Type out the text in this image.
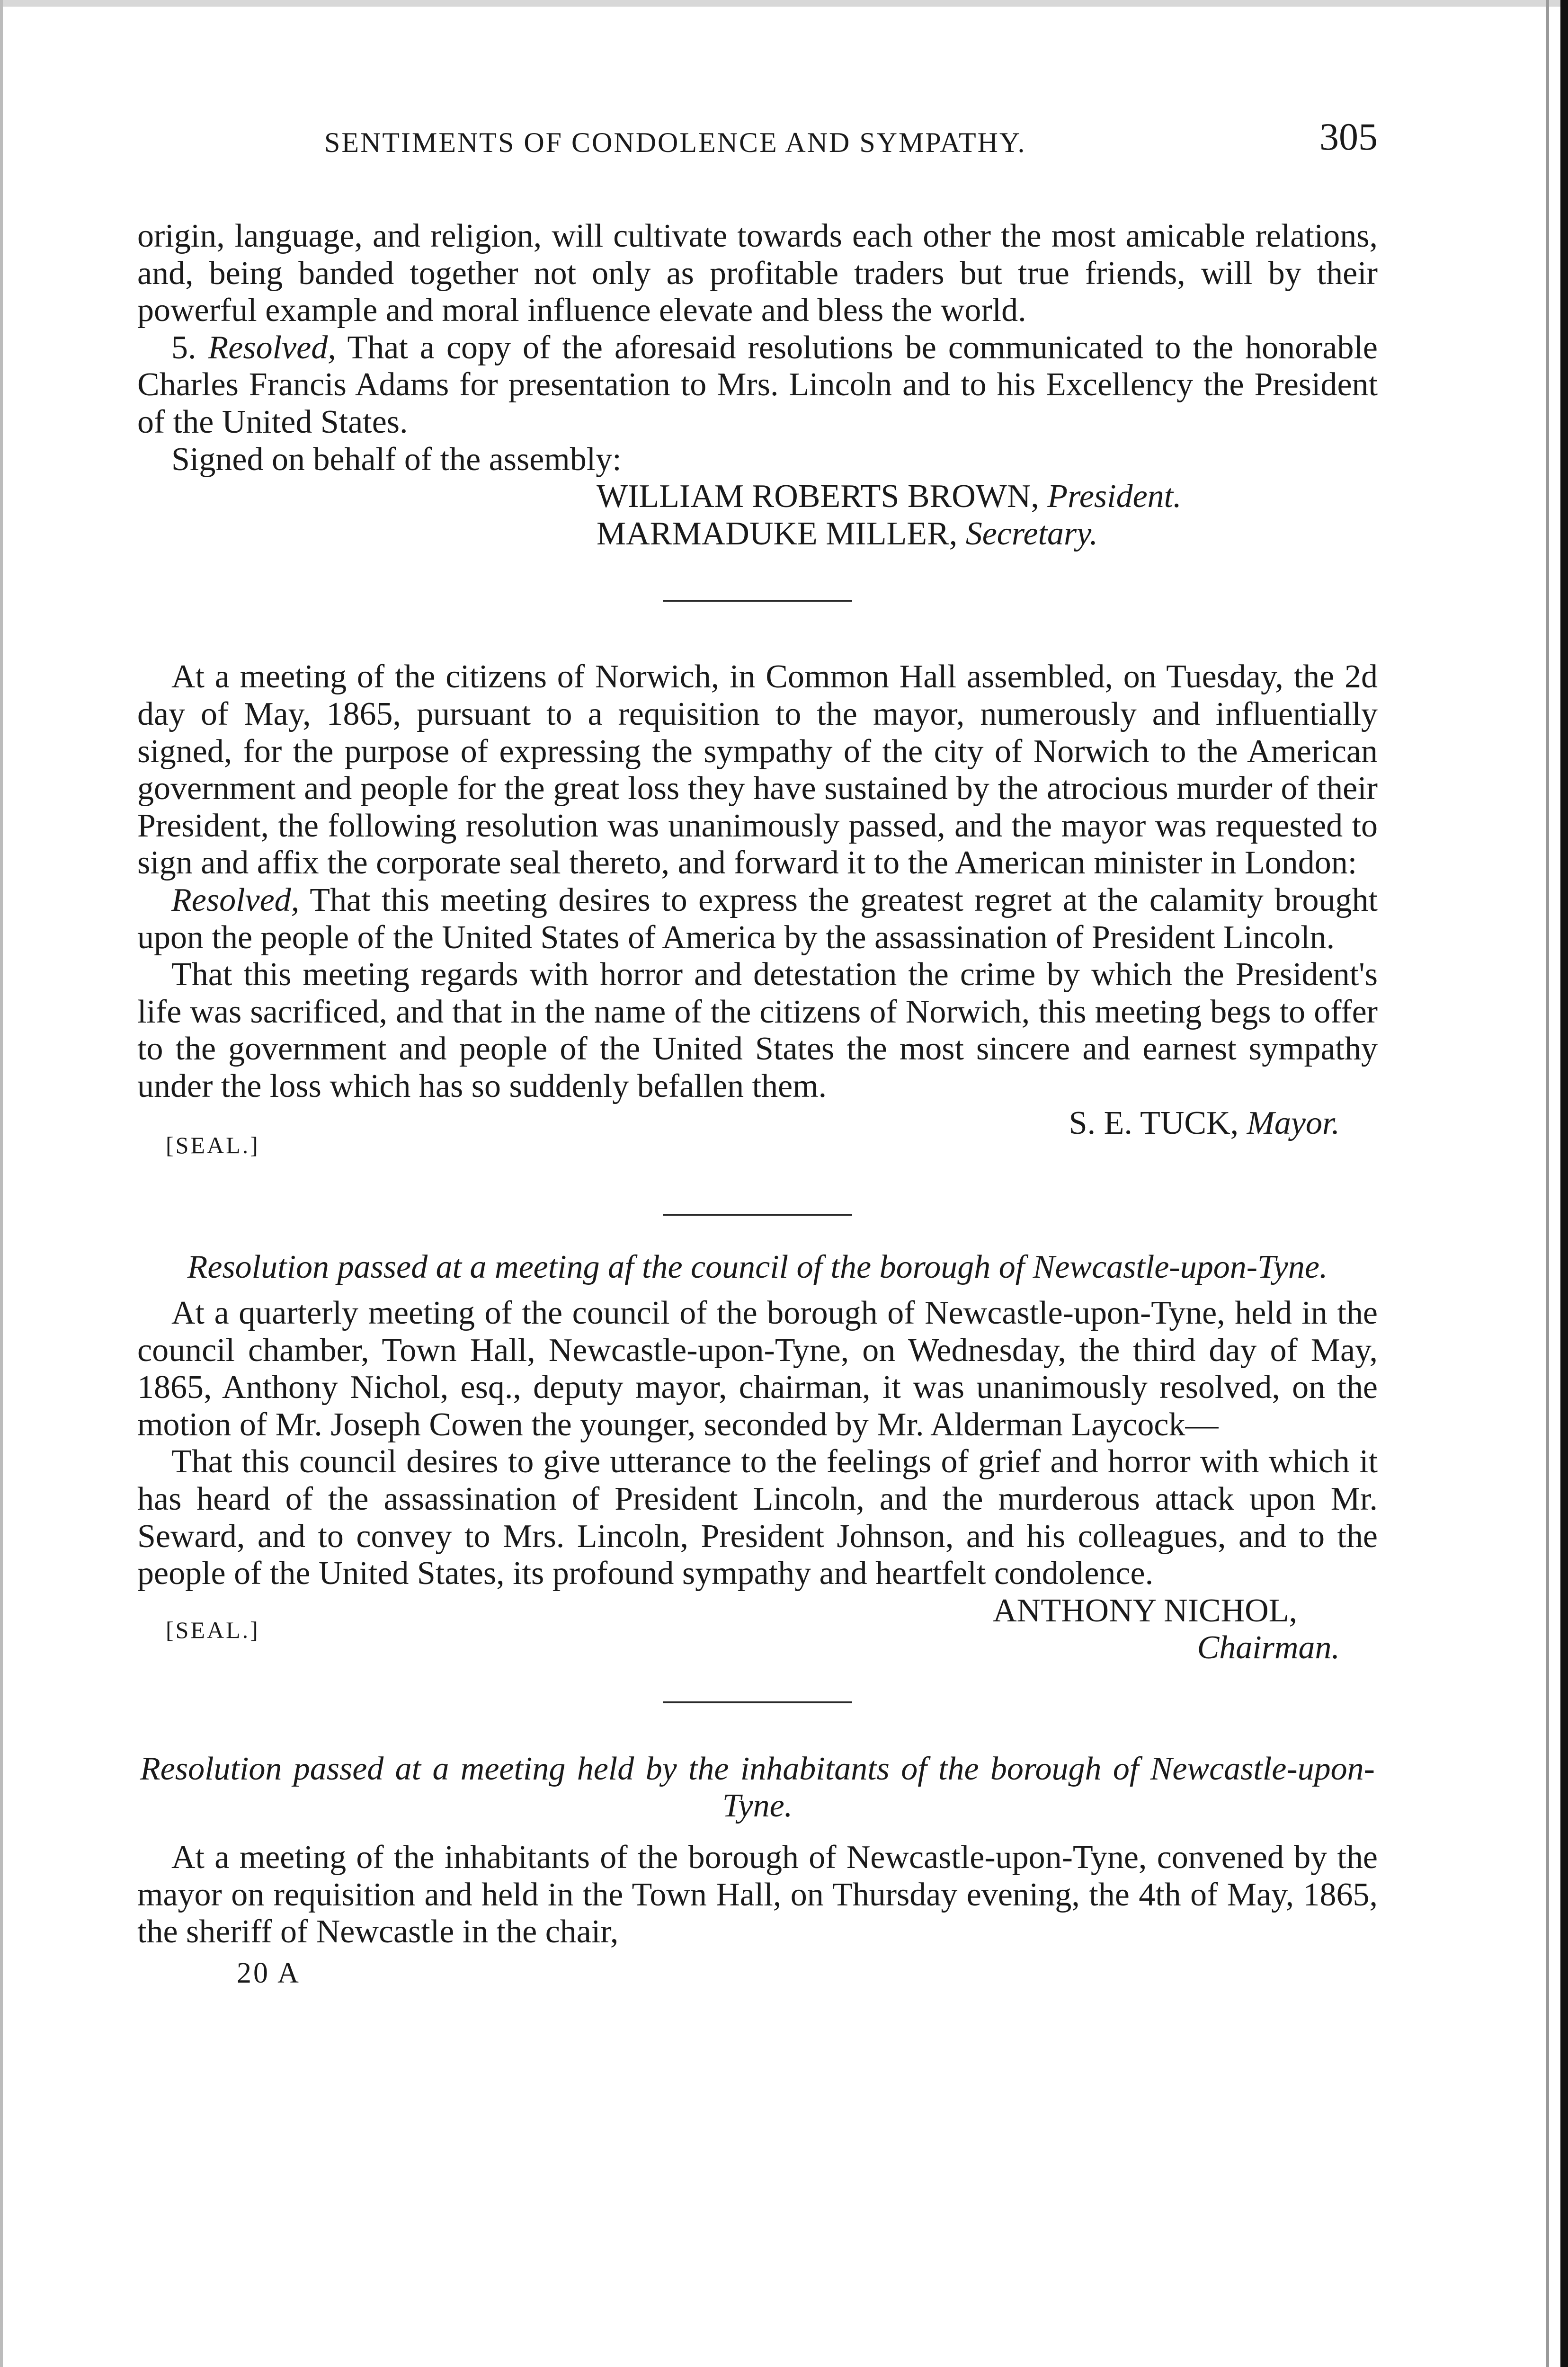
SENTIMENTS OF CONDOLENCE AND SYMPATHY.	305

origin, language, and religion, will cultivate towards each other the most amicable relations, and, being banded together not only as profitable traders but true friends, will by their powerful example and moral influence elevate and bless the world.

5. Resolved, That a copy of the aforesaid resolutions be communicated to the honorable Charles Francis Adams for presentation to Mrs. Lincoln and to his Excellency the President of the United States.

Signed on behalf of the assembly:

WILLIAM ROBERTS BROWN, President.
MARMADUKE MILLER, Secretary.

At a meeting of the citizens of Norwich, in Common Hall assembled, on Tuesday, the 2d day of May, 1865, pursuant to a requisition to the mayor, numerously and influentially signed, for the purpose of expressing the sympathy of the city of Norwich to the American government and people for the great loss they have sustained by the atrocious murder of their President, the following resolution was unanimously passed, and the mayor was requested to sign and affix the corporate seal thereto, and forward it to the American minister in London:

Resolved, That this meeting desires to express the greatest regret at the calamity brought upon the people of the United States of America by the assassination of President Lincoln.

That this meeting regards with horror and detestation the crime by which the President's life was sacrificed, and that in the name of the citizens of Norwich, this meeting begs to offer to the government and people of the United States the most sincere and earnest sympathy under the loss which has so suddenly befallen them.

[SEAL.]
S. E. TUCK, Mayor.

Resolution passed at a meeting af the council of the borough of Newcastle-upon-Tyne.

At a quarterly meeting of the council of the borough of Newcastle-upon-Tyne, held in the council chamber, Town Hall, Newcastle-upon-Tyne, on Wednesday, the third day of May, 1865, Anthony Nichol, esq., deputy mayor, chairman, it was unanimously resolved, on the motion of Mr. Joseph Cowen the younger, seconded by Mr. Alderman Laycock—

That this council desires to give utterance to the feelings of grief and horror with which it has heard of the assassination of President Lincoln, and the murderous attack upon Mr. Seward, and to convey to Mrs. Lincoln, President Johnson, and his colleagues, and to the people of the United States, its profound sympathy and heartfelt condolence.

[SEAL.]
ANTHONY NICHOL,
Chairman.

Resolution passed at a meeting held by the inhabitants of the borough of Newcastle-upon-Tyne.

At a meeting of the inhabitants of the borough of Newcastle-upon-Tyne, convened by the mayor on requisition and held in the Town Hall, on Thursday evening, the 4th of May, 1865, the sheriff of Newcastle in the chair,

20 A
